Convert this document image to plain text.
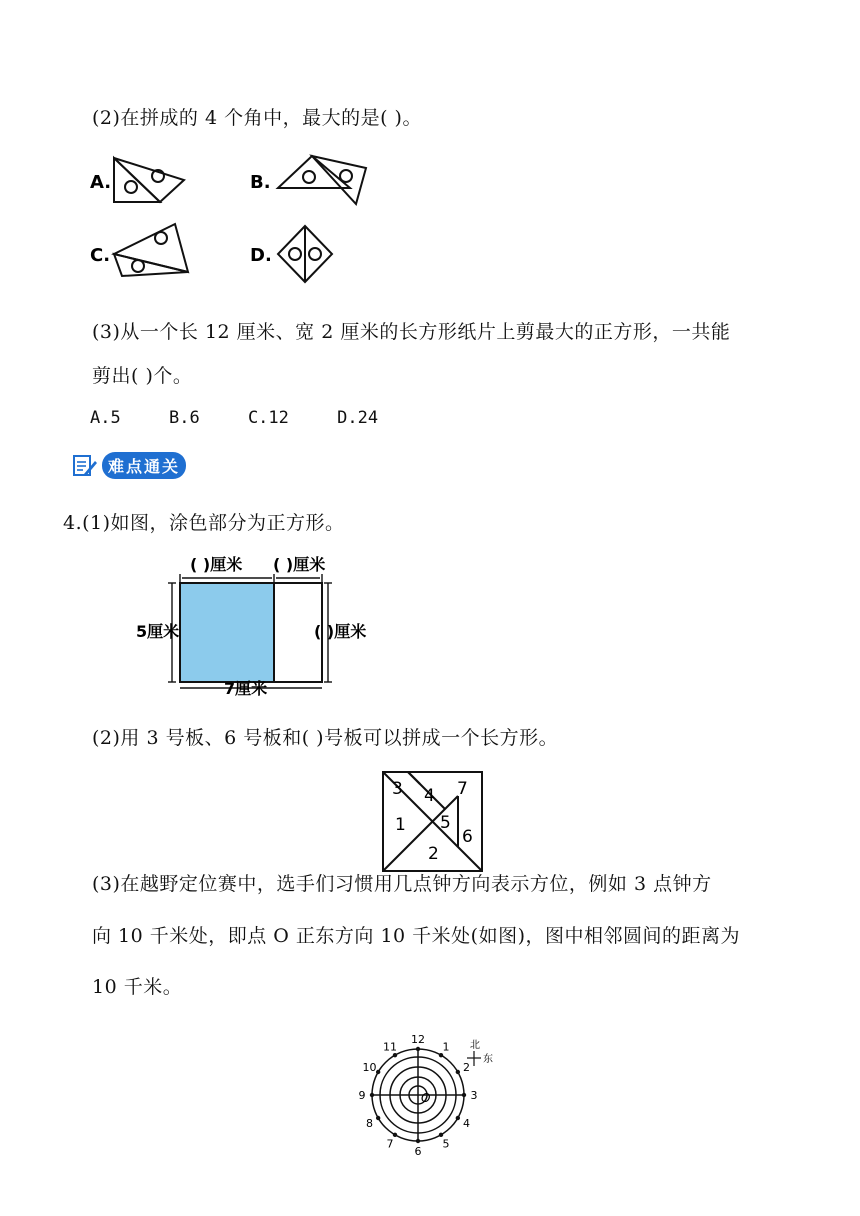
(2)在拼成的 4 个角中，最大的是( )。
A.	B.
C.	D.
(3)从一个长 12 厘米、宽 2 厘米的长方形纸片上剪最大的正方形，一共能
剪出( )个。
A.5	B.6	C.12	D.24
难点通关
4.(1)如图，涂色部分为正方形。
( )厘米 ( )厘米
5厘米	( )厘米
7厘米
(2)用 3 号板、6 号板和( )号板可以拼成一个长方形。
3 4 7
1 5
6
2
(3)在越野定位赛中，选手们习惯用几点钟方向表示方位，例如 3 点钟方
向 10 千米处，即点 O 正东方向 10 千米处(如图)，图中相邻圆间的距离为
10 千米。
O
12
1
2
3
4
5
6
7
8
9
10
11	北
东
